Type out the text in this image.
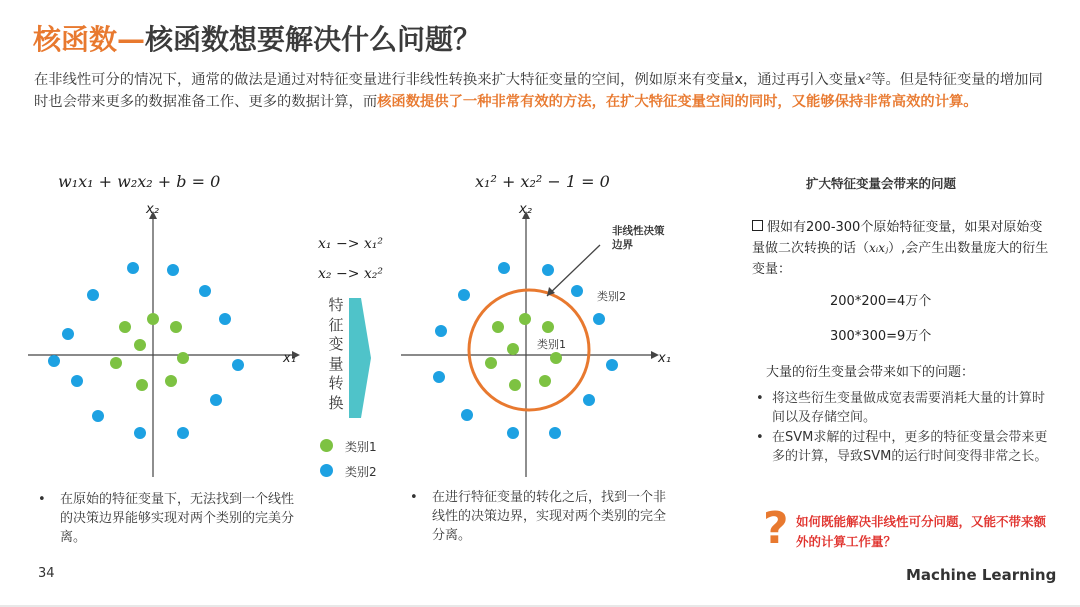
核函数—核函数想要解决什么问题？
在非线性可分的情况下，通常的做法是通过对特征变量进行非线性转换来扩大特征变量的空间，例如原来有变量x，通过再引入变量x²等。但是特征变量的增加同时也会带来更多的数据准备工作、更多的数据计算，而核函数提供了一种非常有效的方法，在扩大特征变量空间的同时，又能够保持非常高效的计算。
w₁x₁ + w₂x₂ + b = 0	x₁² + x₂² − 1 = 0
x₂
x₁
x₁ −> x₁²
x₂ −> x₂²
特
征
变
量
转
换
类别1
类别2
x₂
x₁
非线性决策
边界
类别2
类别1
• 在原始的特征变量下，无法找到一个线性的决策边界能够实现对两个类别的完美分离。
• 在进行特征变量的转化之后，找到一个非线性的决策边界，实现对两个类别的完全分离。
扩大特征变量会带来的问题
假如有200-300个原始特征变量，如果对原始变量做二次转换的话（xᵢxⱼ）,会产生出数量庞大的衍生变量：
200*200=4万个
300*300=9万个
大量的衍生变量会带来如下的问题：
• 将这些衍生变量做成宽表需要消耗大量的计算时间以及存储空间。
• 在SVM求解的过程中，更多的特征变量会带来更多的计算，导致SVM的运行时间变得非常之长。
? 如何既能解决非线性可分问题，又能不带来额外的计算工作量？
34	Machine Learning
